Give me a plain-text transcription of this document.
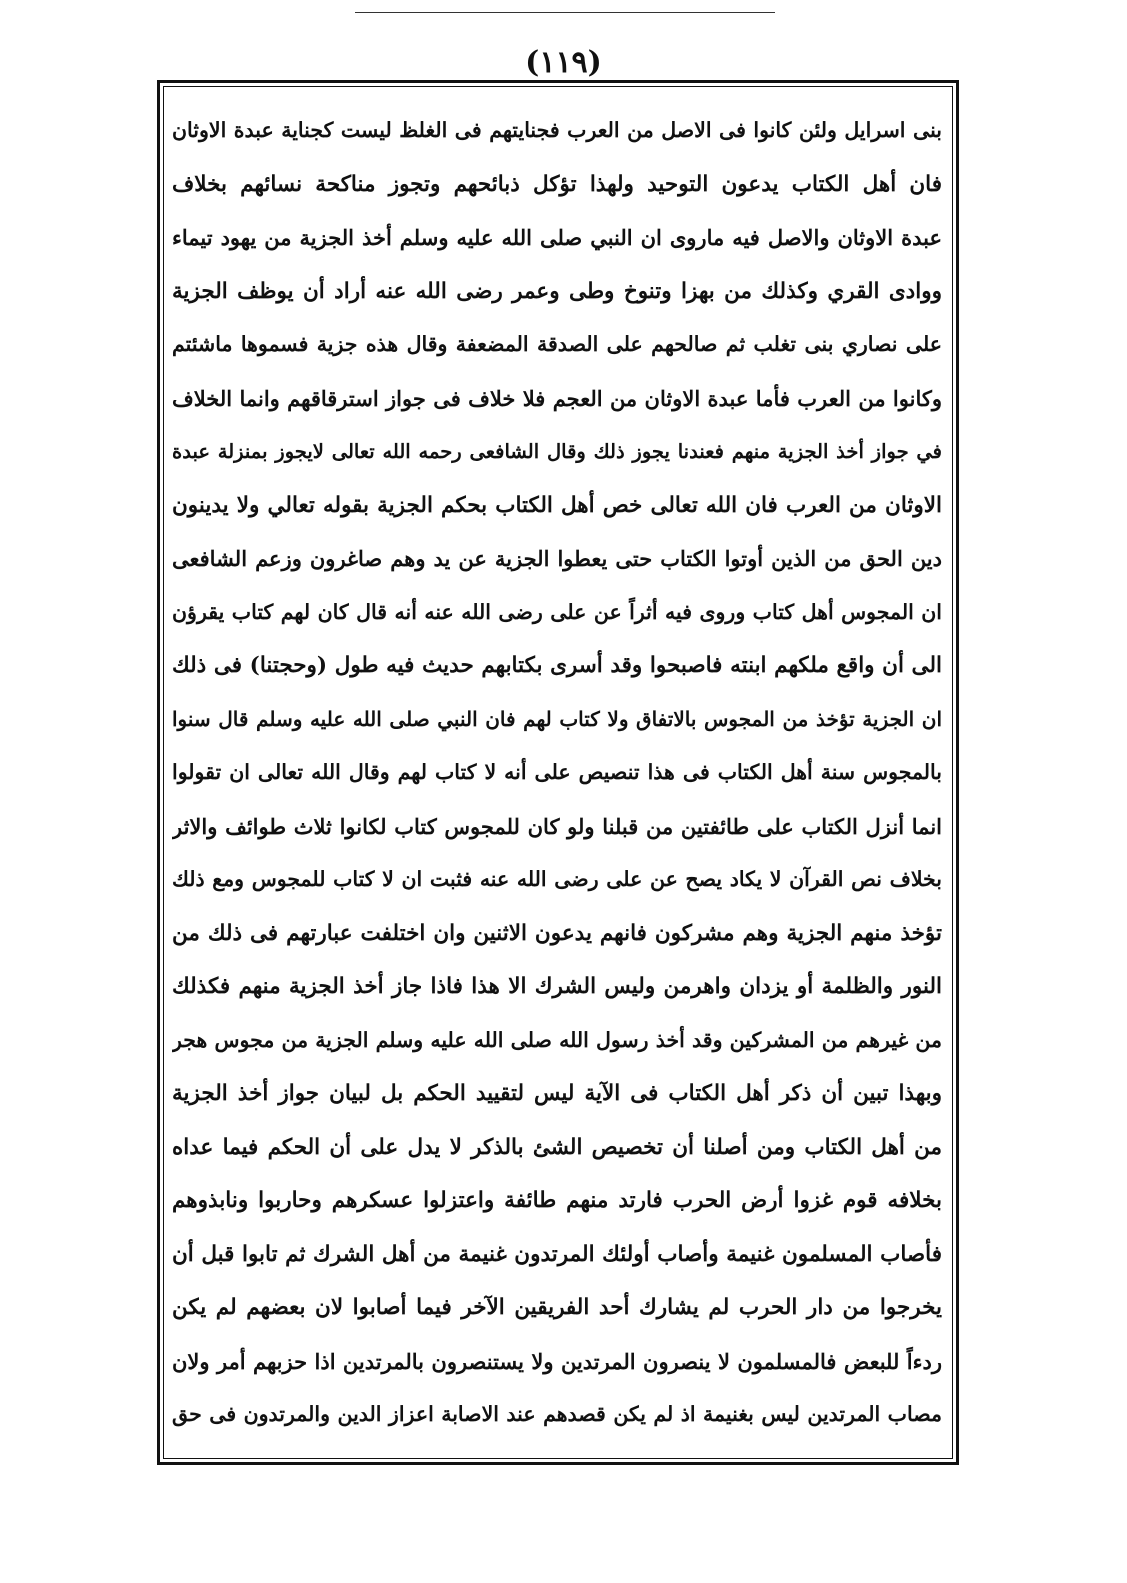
(١١٩)
بنى اسرايل ولئن كانوا فى الاصل من العرب فجنايتهم فى الغلظ ليست كجناية عبدة الاوثان
فان أهل الكتاب يدعون التوحيد ولهذا تؤكل ذبائحهم وتجوز مناكحة نسائهم بخلاف
عبدة الاوثان والاصل فيه ماروى ان النبي صلى الله عليه وسلم أخذ الجزية من يهود تيماء
ووادى القري وكذلك من بهزا وتنوخ وطى وعمر رضى الله عنه أراد أن يوظف الجزية
على نصاري بنى تغلب ثم صالحهم على الصدقة المضعفة وقال هذه جزية فسموها ماشئتم
وكانوا من العرب فأما عبدة الاوثان من العجم فلا خلاف فى جواز استرقاقهم وانما الخلاف
في جواز أخذ الجزية منهم فعندنا يجوز ذلك وقال الشافعى رحمه الله تعالى لايجوز بمنزلة عبدة
الاوثان من العرب فان الله تعالى خص أهل الكتاب بحكم الجزية بقوله تعالي ولا يدينون
دين الحق من الذين أوتوا الكتاب حتى يعطوا الجزية عن يد وهم صاغرون وزعم الشافعى
ان المجوس أهل كتاب وروى فيه أثراً عن على رضى الله عنه أنه قال كان لهم كتاب يقرؤن
الى أن واقع ملكهم ابنته فاصبحوا وقد أسرى بكتابهم حديث فيه طول (وحجتنا) فى ذلك
ان الجزية تؤخذ من المجوس بالاتفاق ولا كتاب لهم فان النبي صلى الله عليه وسلم قال سنوا
بالمجوس سنة أهل الكتاب فى هذا تنصيص على أنه لا كتاب لهم وقال الله تعالى ان تقولوا
انما أنزل الكتاب على طائفتين من قبلنا ولو كان للمجوس كتاب لكانوا ثلاث طوائف والاثر
بخلاف نص القرآن لا يكاد يصح عن على رضى الله عنه فثبت ان لا كتاب للمجوس ومع ذلك
تؤخذ منهم الجزية وهم مشركون فانهم يدعون الاثنين وان اختلفت عبارتهم فى ذلك من
النور والظلمة أو يزدان واهرمن وليس الشرك الا هذا فاذا جاز أخذ الجزية منهم فكذلك
من غيرهم من المشركين وقد أخذ رسول الله صلى الله عليه وسلم الجزية من مجوس هجر
وبهذا تبين أن ذكر أهل الكتاب فى الآية ليس لتقييد الحكم بل لبيان جواز أخذ الجزية
من أهل الكتاب ومن أصلنا أن تخصيص الشئ بالذكر لا يدل على أن الحكم فيما عداه
بخلافه قوم غزوا أرض الحرب فارتد منهم طائفة واعتزلوا عسكرهم وحاربوا ونابذوهم
فأصاب المسلمون غنيمة وأصاب أولئك المرتدون غنيمة من أهل الشرك ثم تابوا قبل أن
يخرجوا من دار الحرب لم يشارك أحد الفريقين الآخر فيما أصابوا لان بعضهم لم يكن
ردءاً للبعض فالمسلمون لا ينصرون المرتدين ولا يستنصرون بالمرتدين اذا حزبهم أمر ولان
مصاب المرتدين ليس بغنيمة اذ لم يكن قصدهم عند الاصابة اعزاز الدين والمرتدون فى حق
